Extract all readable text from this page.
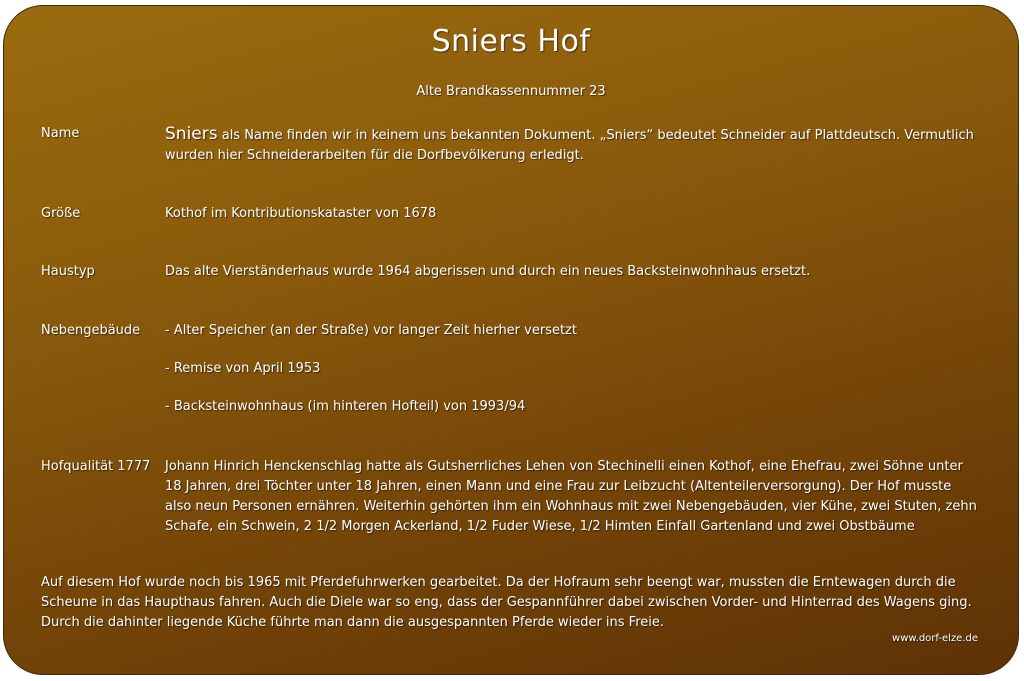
Sniers Hof
Alte Brandkassennummer 23
Name	Sniers als Name finden wir in keinem uns bekannten Dokument. „Sniers“ bedeutet Schneider auf Plattdeutsch. Vermutlich wurden hier Schneiderarbeiten für die Dorfbevölkerung erledigt.
Größe	Kothof im Kontributionskataster von 1678
Haustyp	Das alte Vierständerhaus wurde 1964 abgerissen und durch ein neues Backsteinwohnhaus ersetzt.
Nebengebäude	- Alter Speicher (an der Straße) vor langer Zeit hierher versetzt
- Remise von April 1953
- Backsteinwohnhaus (im hinteren Hofteil) von 1993/94
Hofqualität 1777	Johann Hinrich Henckenschlag hatte als Gutsherrliches Lehen von Stechinelli einen Kothof, eine Ehefrau, zwei Söhne unter 18 Jahren, drei Töchter unter 18 Jahren, einen Mann und eine Frau zur Leibzucht (Altenteilerversorgung). Der Hof musste also neun Personen ernähren. Weiterhin gehörten ihm ein Wohnhaus mit zwei Nebengebäuden, vier Kühe, zwei Stuten, zehn Schafe, ein Schwein, 2 1/2 Morgen Ackerland, 1/2 Fuder Wiese, 1/2 Himten Einfall Gartenland und zwei Obstbäume
Auf diesem Hof wurde noch bis 1965 mit Pferdefuhrwerken gearbeitet. Da der Hofraum sehr beengt war, mussten die Erntewagen durch die Scheune in das Haupthaus fahren. Auch die Diele war so eng, dass der Gespannführer dabei zwischen Vorder- und Hinterrad des Wagens ging. Durch die dahinter liegende Küche führte man dann die ausgespannten Pferde wieder ins Freie.
www.dorf-elze.de
